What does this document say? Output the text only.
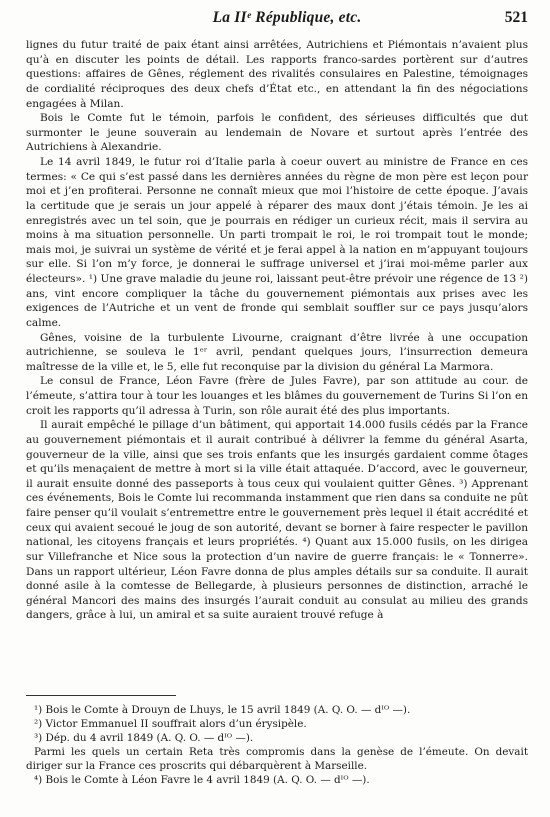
La IIᵉ République, etc.	521

lignes du futur traité de paix étant ainsi arrêtées, Autrichiens et Piémontais n’avaient plus qu’à en discuter les points de détail. Les rapports franco-sardes portèrent sur d’autres questions: affaires de Gênes, réglement des rivalités consulaires en Palestine, témoignages de cordialité réciproques des deux chefs d’État etc., en attendant la fin des négociations engagées à Milan.

Bois le Comte fut le témoin, parfois le confident, des sérieuses difficultés que dut surmonter le jeune souverain au lendemain de Novare et surtout après l’entrée des Autrichiens à Alexandrie.

Le 14 avril 1849, le futur roi d’Italie parla à coeur ouvert au ministre de France en ces termes: « Ce qui s’est passé dans les dernières années du règne de mon père est leçon pour moi et j’en profiterai. Personne ne connaît mieux que moi l’histoire de cette époque. J’avais la certitude que je serais un jour appelé à réparer des maux dont j’étais témoin. Je les ai enregistrés avec un tel soin, que je pourrais en rédiger un curieux récit, mais il servira au moins à ma situation personnelle. Un parti trompait le roi, le roi trompait tout le monde; mais moi, je suivrai un système de vérité et je ferai appel à la nation en m’appuyant toujours sur elle. Si l’on m’y force, je donnerai le suffrage universel et j’irai moi-même parler aux électeurs». ¹) Une grave maladie du jeune roi, laissant peut-être prévoir une régence de 13 ²) ans, vint encore compliquer la tâche du gouvernement piémontais aux prises avec les exigences de l’Autriche et un vent de fronde qui semblait souffler sur ce pays jusqu’alors calme.

Gênes, voisine de la turbulente Livourne, craignant d’être livrée à une occupation autrichienne, se souleva le 1ᵉʳ avril, pendant quelques jours, l’insurrection demeura maîtresse de la ville et, le 5, elle fut reconquise par la division du général La Marmora.

Le consul de France, Léon Favre (frère de Jules Favre), par son attitude au cour. de l’émeute, s’attira tour à tour les louanges et les blâmes du gouvernement de Turins Si l’on en croit les rapports qu’il adressa à Turin, son rôle aurait été des plus importants.

Il aurait empêché le pillage d’un bâtiment, qui apportait 14.000 fusils cédés par la France au gouvernement piémontais et il aurait contribué à délivrer la femme du général Asarta, gouverneur de la ville, ainsi que ses trois enfants que les insurgés gardaient comme ôtages et qu’ils menaçaient de mettre à mort si la ville était attaquée. D’accord, avec le gouverneur, il aurait ensuite donné des passeports à tous ceux qui voulaient quitter Gênes. ³) Apprenant ces événements, Bois le Comte lui recommanda instamment que rien dans sa conduite ne pût faire penser qu’il voulait s’entremettre entre le gouvernement près lequel il était accrédité et ceux qui avaient secoué le joug de son autorité, devant se borner à faire respecter le pavillon national, les citoyens français et leurs propriétés. ⁴) Quant aux 15.000 fusils, on les dirigea sur Villefranche et Nice sous la protection d’un navire de guerre français: le « Tonnerre». Dans un rapport ultérieur, Léon Favre donna de plus amples détails sur sa conduite. Il aurait donné asile à la comtesse de Bellegarde, à plusieurs personnes de distinction, arraché le général Mancori des mains des insurgés l’aurait conduit au consulat au milieu des grands dangers, grâce à lui, un amiral et sa suite auraient trouvé refuge à

¹) Bois le Comte à Drouyn de Lhuys, le 15 avril 1849 (A. Q. O. — dᴵᴼ —).

²) Victor Emmanuel II souffrait alors d’un érysipèle.

³) Dép. du 4 avril 1849 (A. Q. O. — dᴵᴼ —).

Parmi les quels un certain Reta très compromis dans la genèse de l’émeute. On devait diriger sur la France ces proscrits qui débarquèrent à Marseille.

⁴) Bois le Comte à Léon Favre le 4 avril 1849 (A. Q. O. — dᴵᴼ —).
